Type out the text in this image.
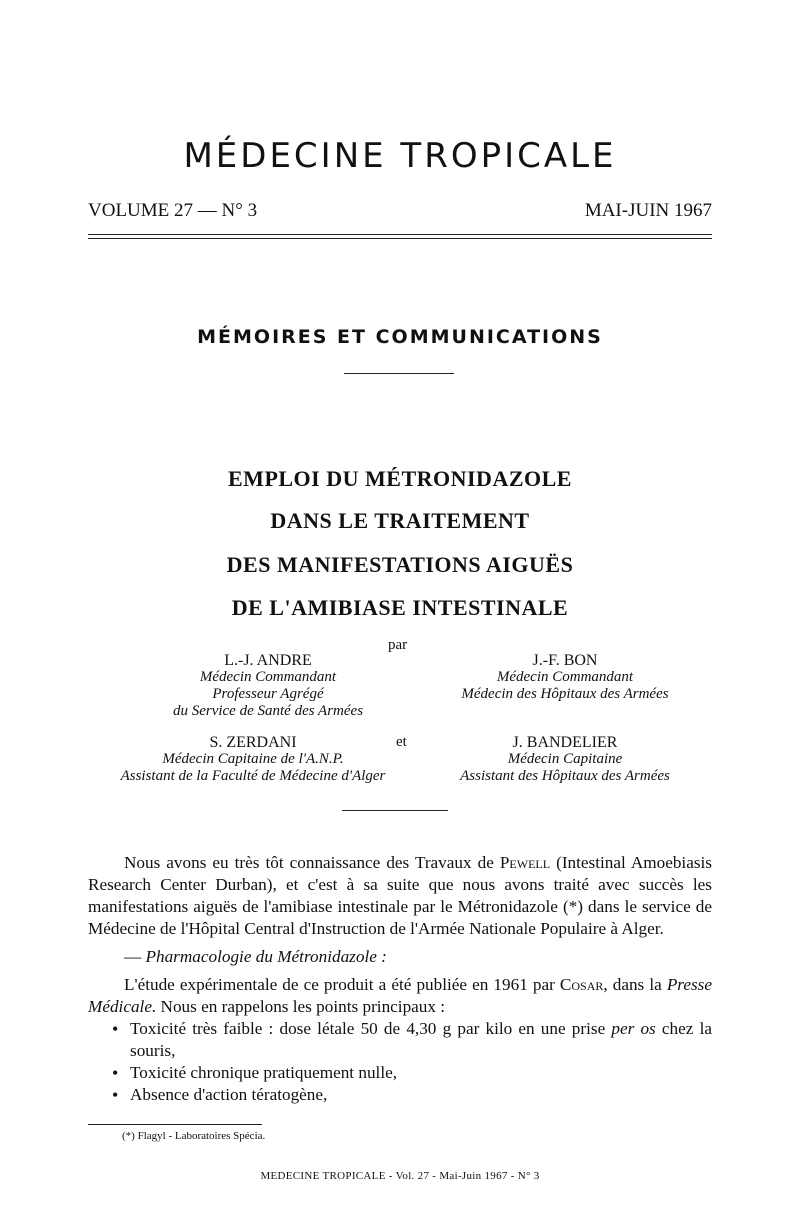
MÉDECINE TROPICALE
VOLUME 27 — N° 3	MAI-JUIN 1967
MÉMOIRES ET COMMUNICATIONS
EMPLOI DU MÉTRONIDAZOLE
DANS LE TRAITEMENT
DES MANIFESTATIONS AIGUËS
DE L'AMIBIASE INTESTINALE
par
L.-J. ANDRE
Médecin Commandant
Professeur Agrégé
du Service de Santé des Armées
J.-F. BON
Médecin Commandant
Médecin des Hôpitaux des Armées
S. ZERDANI
Médecin Capitaine de l'A.N.P.
Assistant de la Faculté de Médecine d'Alger
et	J. BANDELIER
Médecin Capitaine
Assistant des Hôpitaux des Armées

Nous avons eu très tôt connaissance des Travaux de Pewell (Intestinal Amoebiasis Research Center Durban), et c'est à sa suite que nous avons traité avec succès les manifestations aiguës de l'amibiase intestinale par le Métronidazole (*) dans le service de Médecine de l'Hôpital Central d'Instruction de l'Armée Nationale Populaire à Alger.

— Pharmacologie du Métronidazole :

L'étude expérimentale de ce produit a été publiée en 1961 par Cosar, dans la Presse Médicale. Nous en rappelons les points principaux :

• Toxicité très faible : dose létale 50 de 4,30 g par kilo en une prise per os chez la souris,
• Toxicité chronique pratiquement nulle,
• Absence d'action tératogène,
(*) Flagyl - Laboratoires Spécia.
MEDECINE TROPICALE - Vol. 27 - Mai-Juin 1967 - N° 3
